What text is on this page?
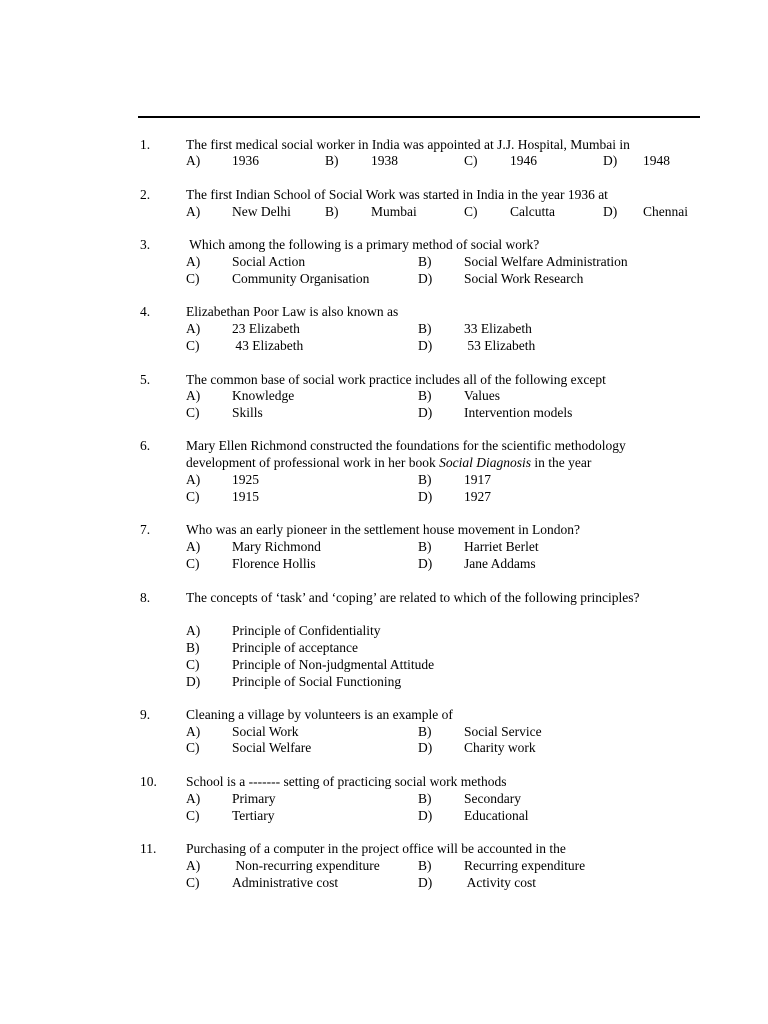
1.	The first medical social worker in India was appointed at J.J. Hospital, Mumbai in
A) 1936	B) 1938	C) 1946	D) 1948
2.	The first Indian School of Social Work was started in India in the year 1936 at
A) New Delhi	B) Mumbai	C) Calcutta	D) Chennai
3.	Which among the following is a primary method of social work?
A) Social Action	B) Social Welfare Administration
C) Community Organisation	D) Social Work Research
4.	Elizabethan Poor Law is also known as
A) 23 Elizabeth	B) 33 Elizabeth
C) 43 Elizabeth	D) 53 Elizabeth
5.	The common base of social work practice includes all of the following except
A) Knowledge	B) Values
C) Skills	D) Intervention models
6.	Mary Ellen Richmond constructed the foundations for the scientific methodology
development of professional work in her book Social Diagnosis in the year
A) 1925	B) 1917
C) 1915	D) 1927
7.	Who was an early pioneer in the settlement house movement in London?
A) Mary Richmond	B) Harriet Berlet
C) Florence Hollis	D) Jane Addams
8.	The concepts of ‘task’ and ‘coping’ are related to which of the following principles?
A) Principle of Confidentiality
B) Principle of acceptance
C) Principle of Non-judgmental Attitude
D) Principle of Social Functioning
9.	Cleaning a village by volunteers is an example of
A) Social Work	B) Social Service
C) Social Welfare	D) Charity work
10. School is a ------- setting of practicing social work methods
A) Primary	B) Secondary
C) Tertiary	D) Educational
11. Purchasing of a computer in the project office will be accounted in the
A) Non-recurring expenditure	B) Recurring expenditure
C) Administrative cost	D) Activity cost
